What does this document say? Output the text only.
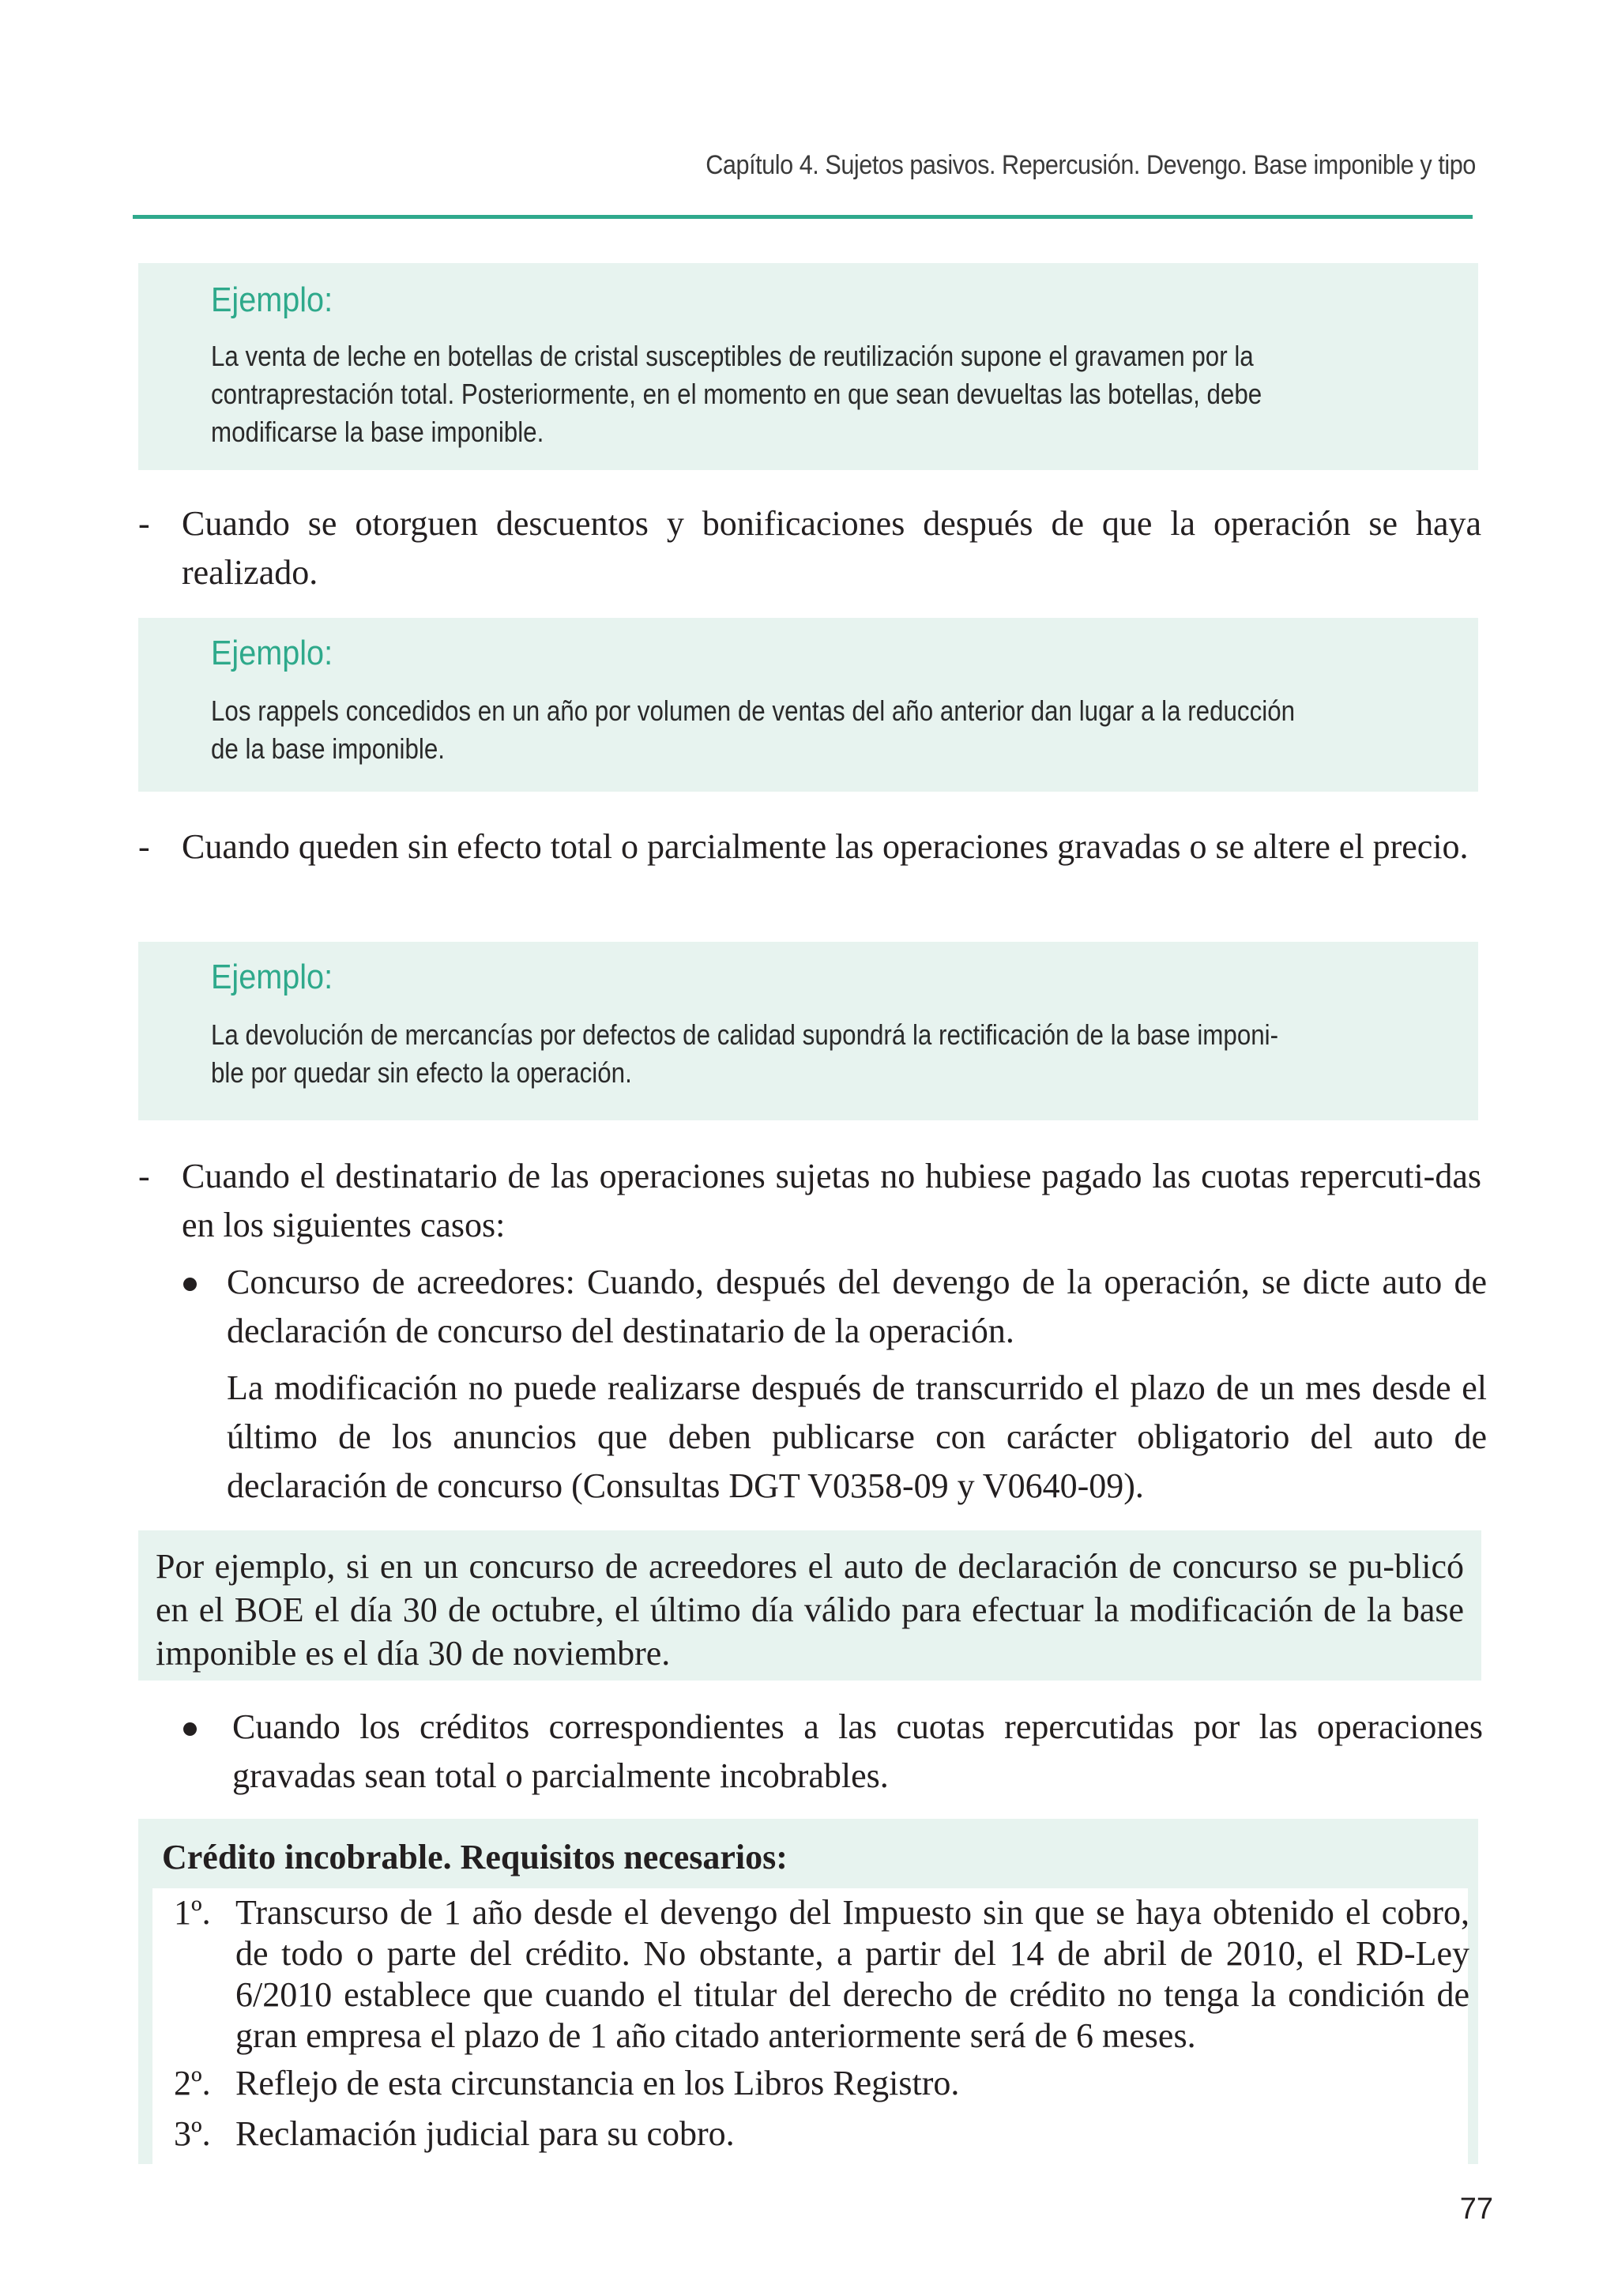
Capítulo 4. Sujetos pasivos. Repercusión. Devengo. Base imponible y tipo
Ejemplo:
La venta de leche en botellas de cristal susceptibles de reutilización supone el gravamen por la
contraprestación total. Posteriormente, en el momento en que sean devueltas las botellas, debe
modificarse la base imponible.
- Cuando se otorguen descuentos y bonificaciones después de que la operación se haya realizado.
Ejemplo:
Los rappels concedidos en un año por volumen de ventas del año anterior dan lugar a la reducción
de la base imponible.
- Cuando queden sin efecto total o parcialmente las operaciones gravadas o se altere el precio.
Ejemplo:
La devolución de mercancías por defectos de calidad supondrá la rectificación de la base imponi-
ble por quedar sin efecto la operación.
- Cuando el destinatario de las operaciones sujetas no hubiese pagado las cuotas repercuti-das en los siguientes casos:
Concurso de acreedores: Cuando, después del devengo de la operación, se dicte auto de declaración de concurso del destinatario de la operación.
La modificación no puede realizarse después de transcurrido el plazo de un mes desde el último de los anuncios que deben publicarse con carácter obligatorio del auto de declaración de concurso (Consultas DGT V0358-09 y V0640-09).
Por ejemplo, si en un concurso de acreedores el auto de declaración de concurso se pu-blicó en el BOE el día 30 de octubre, el último día válido para efectuar la modificación de la base imponible es el día 30 de noviembre.
Cuando los créditos correspondientes a las cuotas repercutidas por las operaciones gravadas sean total o parcialmente incobrables.
Crédito incobrable. Requisitos necesarios:
1º. Transcurso de 1 año desde el devengo del Impuesto sin que se haya obtenido el cobro, de todo o parte del crédito. No obstante, a partir del 14 de abril de 2010, el RD-Ley 6/2010 establece que cuando el titular del derecho de crédito no tenga la condición de gran empresa el plazo de 1 año citado anteriormente será de 6 meses.
2º. Reflejo de esta circunstancia en los Libros Registro.
3º. Reclamación judicial para su cobro.
77
